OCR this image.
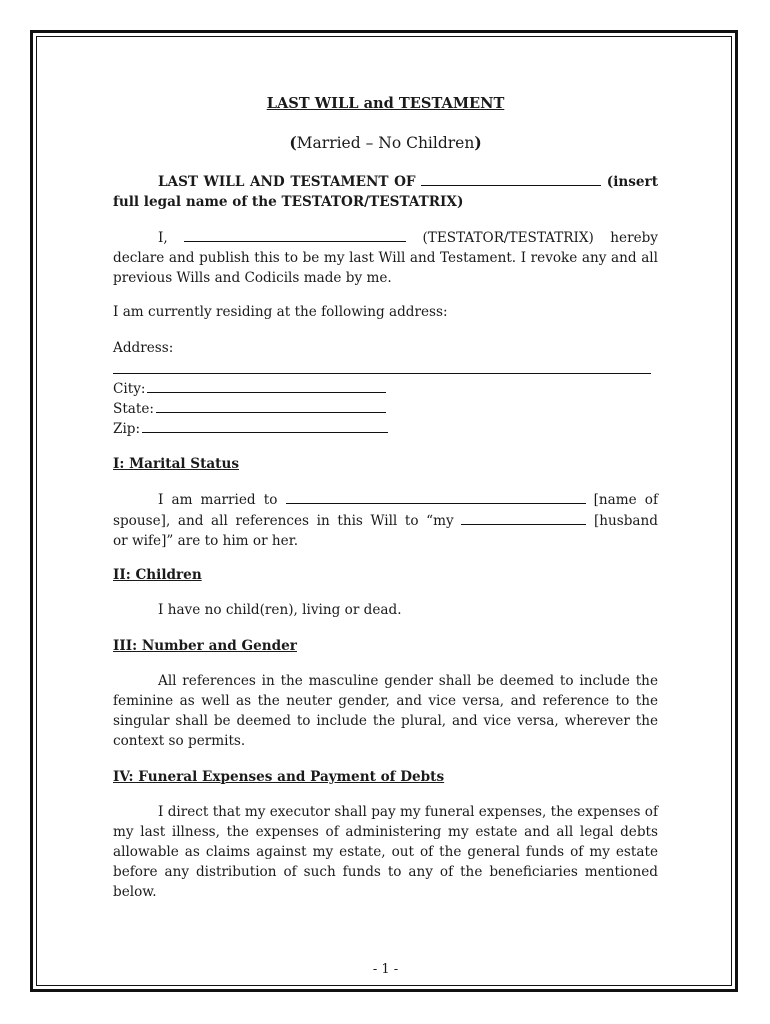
LAST WILL and TESTAMENT
(Married – No Children)
LAST WILL AND TESTAMENT OF	(insert
full legal name of the TESTATOR/TESTATRIX)
I,	(TESTATOR/TESTATRIX) hereby
declare and publish this to be my last Will and Testament. I revoke any and all previous Wills and Codicils made by me.
I am currently residing at the following address:
Address:
City:
State:
Zip:
I: Marital Status
I am married to	[name of
spouse], and all references in this Will to “my	[husband
or wife]” are to him or her.
II: Children
I have no child(ren), living or dead.
III: Number and Gender
All references in the masculine gender shall be deemed to include the feminine as well as the neuter gender, and vice versa, and reference to the singular shall be deemed to include the plural, and vice versa, wherever the context so permits.
IV: Funeral Expenses and Payment of Debts
I direct that my executor shall pay my funeral expenses, the expenses of my last illness, the expenses of administering my estate and all legal debts allowable as claims against my estate, out of the general funds of my estate before any distribution of such funds to any of the beneficiaries mentioned below.
- 1 -
